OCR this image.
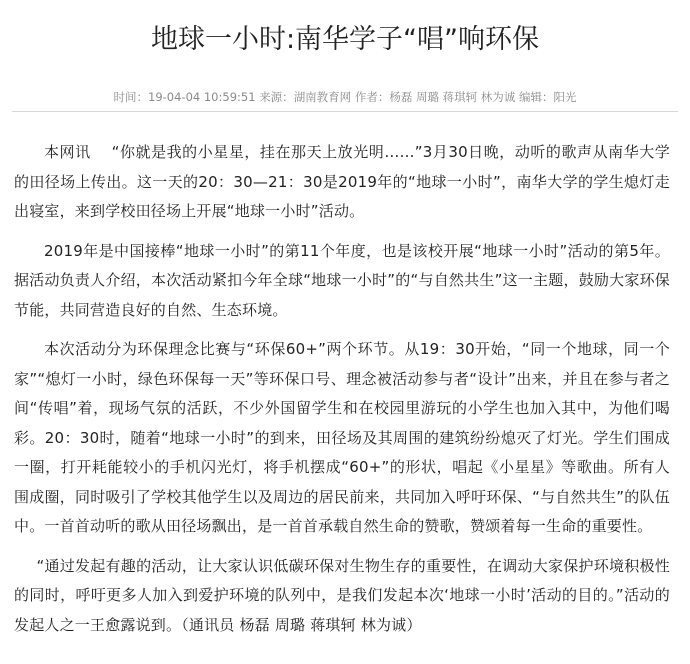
地球一小时:南华学子“唱”响环保
时间：19-04-04 10:59:51 来源：湖南教育网 作者：杨磊 周璐 蒋琪轲 林为诚 编辑：阳光

本网讯 “你就是我的小星星，挂在那天上放光明……”3月30日晚，动听的歌声从南华大学的田径场上传出。这一天的20：30—21：30是2019年的“地球一小时”，南华大学的学生熄灯走出寝室，来到学校田径场上开展“地球一小时”活动。

2019年是中国接棒“地球一小时”的第11个年度，也是该校开展“地球一小时”活动的第5年。据活动负责人介绍，本次活动紧扣今年全球“地球一小时”的“与自然共生”这一主题，鼓励大家环保节能，共同营造良好的自然、生态环境。

本次活动分为环保理念比赛与“环保60+”两个环节。从19：30开始，“同一个地球，同一个家”“熄灯一小时，绿色环保每一天”等环保口号、理念被活动参与者“设计”出来，并且在参与者之间“传唱”着，现场气氛的活跃，不少外国留学生和在校园里游玩的小学生也加入其中，为他们喝彩。20：30时，随着“地球一小时”的到来，田径场及其周围的建筑纷纷熄灭了灯光。学生们围成一圈，打开耗能较小的手机闪光灯，将手机摆成“60+”的形状，唱起《小星星》等歌曲。所有人围成圈，同时吸引了学校其他学生以及周边的居民前来，共同加入呼吁环保、“与自然共生”的队伍中。一首首动听的歌从田径场飘出，是一首首承载自然生命的赞歌，赞颂着每一生命的重要性。

“通过发起有趣的活动，让大家认识低碳环保对生物生存的重要性，在调动大家保护环境积极性的同时，呼吁更多人加入到爱护环境的队列中，是我们发起本次‘地球一小时’活动的目的。”活动的发起人之一王愈露说到。（通讯员 杨磊 周璐 蒋琪轲 林为诚）
